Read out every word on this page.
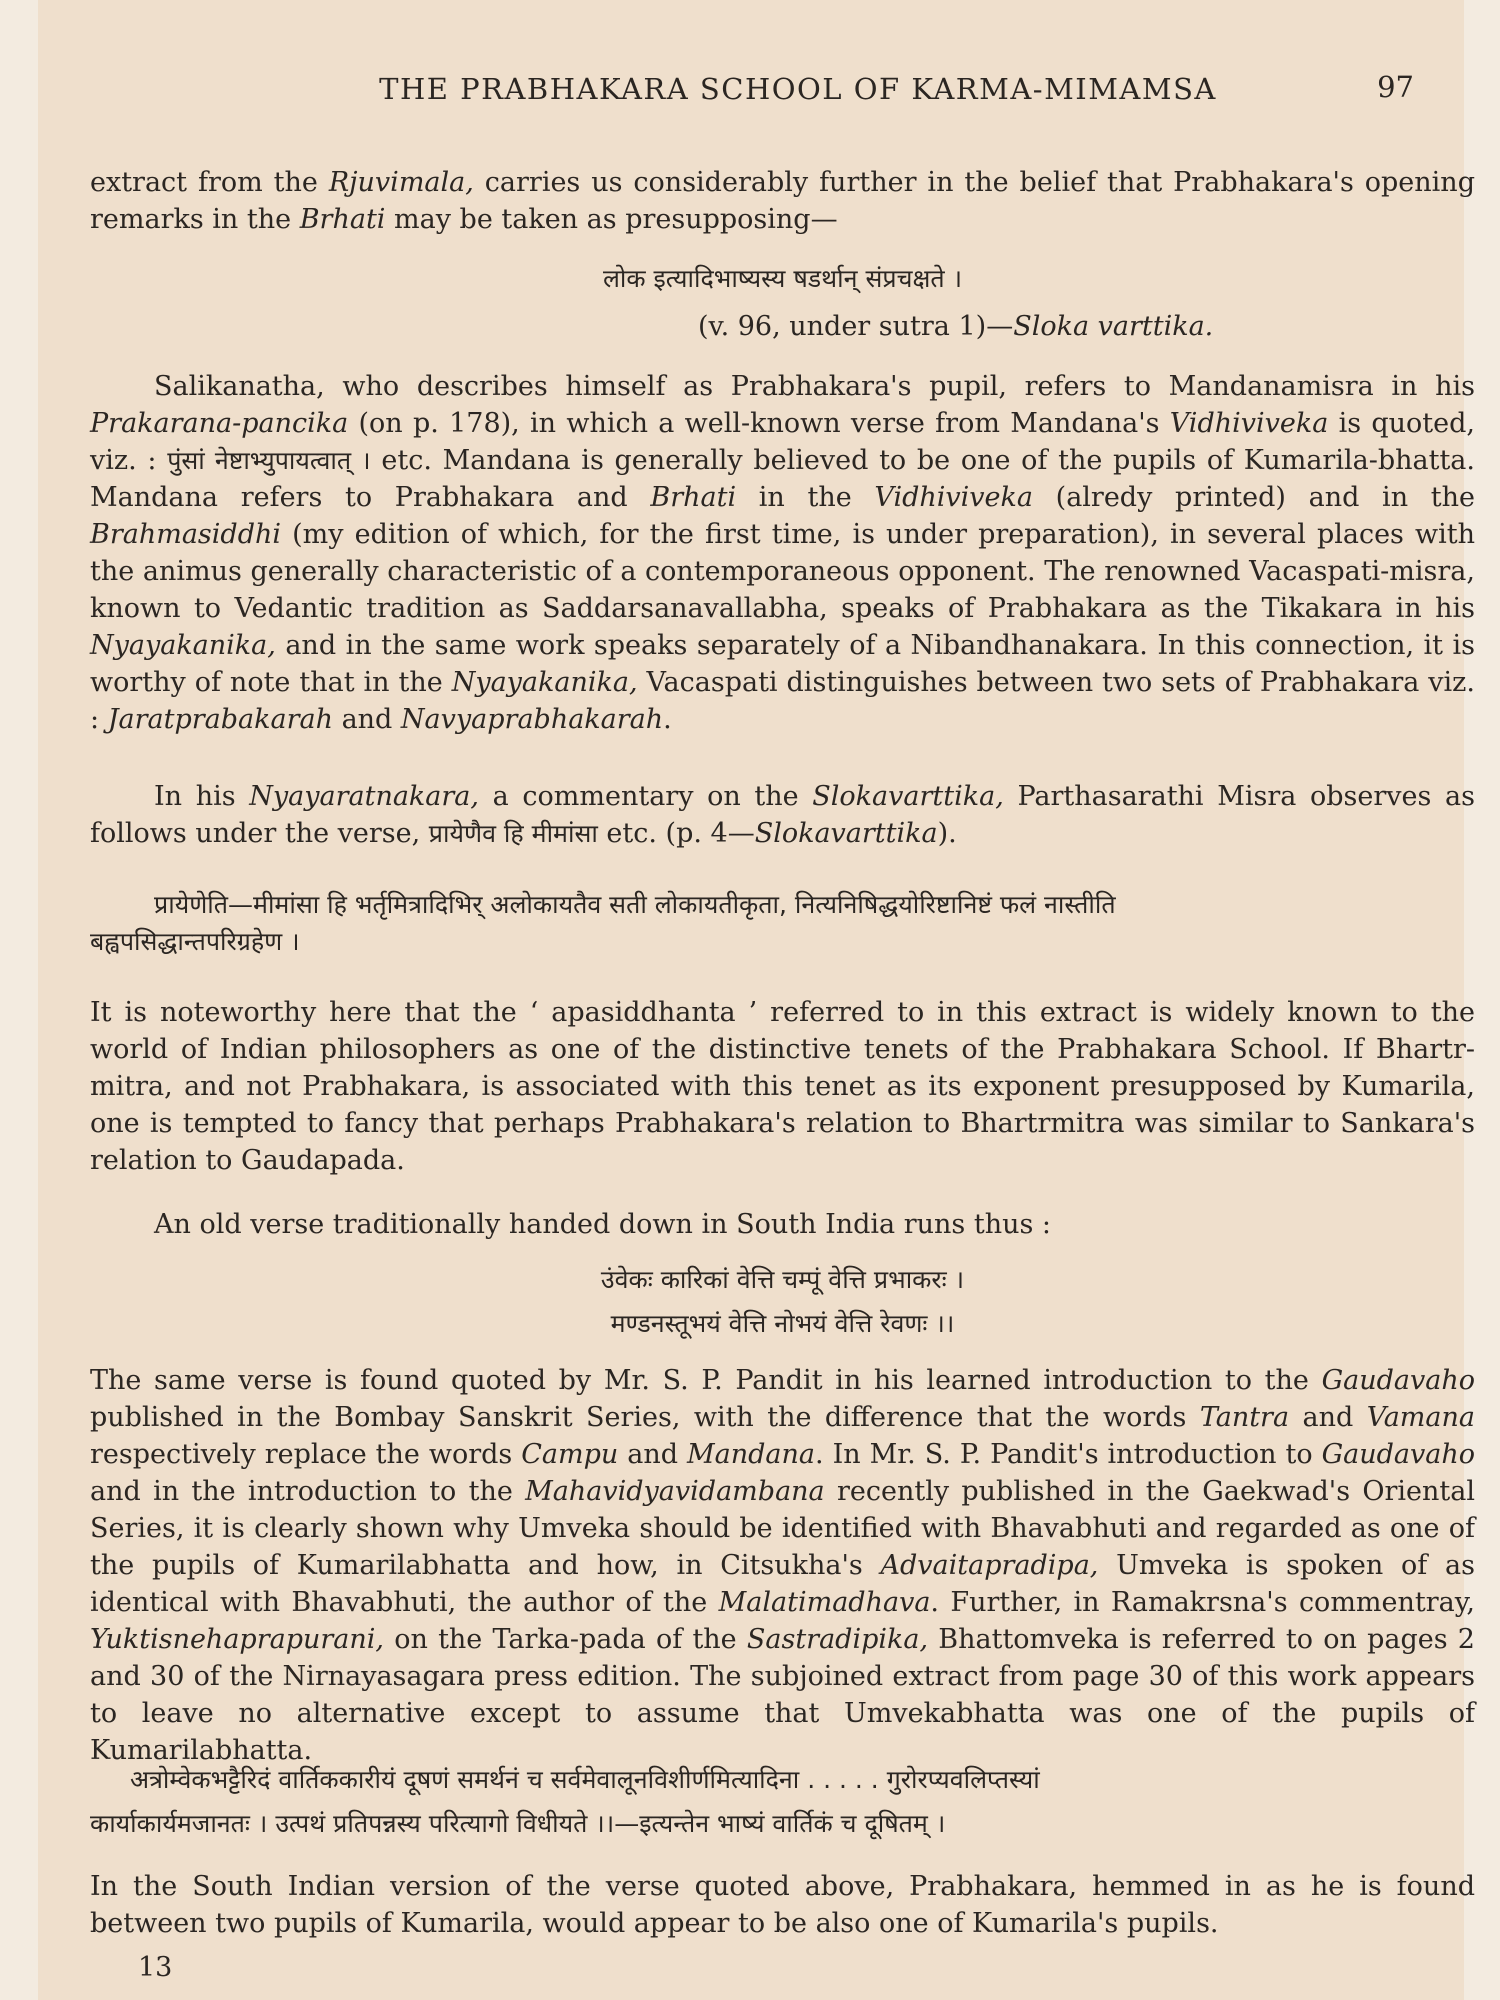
THE PRABHAKARA SCHOOL OF KARMA-MIMAMSA	97

extract from the Rjuvimala, carries us considerably further in the belief that Prabhakara's opening remarks in the Brhati may be taken as presupposing—

लोक इत्यादिभाष्यस्य षडर्थान् संप्रचक्षते ।

(v. 96, under sutra 1)—Sloka varttika.

Salikanatha, who describes himself as Prabhakara's pupil, refers to Mandanamisra in his Prakarana-pancika (on p. 178), in which a well-known verse from Mandana's Vidhiviveka is quoted, viz. : पुंसां नेष्टाभ्युपायत्वात् । etc. Mandana is generally believed to be one of the pupils of Kumarila-bhatta. Mandana refers to Prabhakara and Brhati in the Vidhiviveka (alredy printed) and in the Brahmasiddhi (my edition of which, for the first time, is under preparation), in several places with the animus generally characteristic of a contemporaneous opponent. The renowned Vacaspati-misra, known to Vedantic tradition as Saddarsanavallabha, speaks of Prabhakara as the Tikakara in his Nyayakanika, and in the same work speaks separately of a Nibandhanakara. In this connection, it is worthy of note that in the Nyayakanika, Vacaspati distinguishes between two sets of Prabhakara viz. : Jaratprabakarah and Navyaprabhakarah.

In his Nyayaratnakara, a commentary on the Slokavarttika, Parthasarathi Misra observes as follows under the verse, प्रायेणैव हि मीमांसा etc. (p. 4—Slokavarttika).

प्रायेणेति—मीमांसा हि भर्तृमित्रादिभिर् अलोकायतैव सती लोकायतीकृता, नित्यनिषिद्धयोरिष्टानिष्टं फलं नास्तीति
बह्वपसिद्धान्तपरिग्रहेण ।

It is noteworthy here that the ‘ apasiddhanta ’ referred to in this extract is widely known to the world of Indian philosophers as one of the distinctive tenets of the Prabhakara School. If Bhartr-mitra, and not Prabhakara, is associated with this tenet as its exponent presupposed by Kumarila, one is tempted to fancy that perhaps Prabhakara's relation to Bhartrmitra was similar to Sankara's relation to Gaudapada.

An old verse traditionally handed down in South India runs thus :

उंवेकः कारिकां वेत्ति चम्पूं वेत्ति प्रभाकरः ।
मण्डनस्तूभयं वेत्ति नोभयं वेत्ति रेवणः ।।

The same verse is found quoted by Mr. S. P. Pandit in his learned introduction to the Gaudavaho published in the Bombay Sanskrit Series, with the difference that the words Tantra and Vamana respectively replace the words Campu and Mandana. In Mr. S. P. Pandit's introduction to Gaudavaho and in the introduction to the Mahavidyavidambana recently published in the Gaekwad's Oriental Series, it is clearly shown why Umveka should be identified with Bhavabhuti and regarded as one of the pupils of Kumarilabhatta and how, in Citsukha's Advaitapradipa, Umveka is spoken of as identical with Bhavabhuti, the author of the Malatimadhava. Further, in Ramakrsna's commentray, Yuktisnehaprapurani, on the Tarka-pada of the Sastradipika, Bhattomveka is referred to on pages 2 and 30 of the Nirnayasagara press edition. The subjoined extract from page 30 of this work appears to leave no alternative except to assume that Umvekabhatta was one of the pupils of Kumarilabhatta.

अत्रोम्वेकभट्टैरिदं वार्तिककारीयं दूषणं समर्थनं च सर्वमेवालूनविशीर्णमित्यादिना . . . . . गुरोरप्यवलिप्तस्यां
कार्याकार्यमजानतः । उत्पथं प्रतिपन्नस्य परित्यागो विधीयते ।।—इत्यन्तेन भाष्यं वार्तिकं च दूषितम् ।

In the South Indian version of the verse quoted above, Prabhakara, hemmed in as he is found between two pupils of Kumarila, would appear to be also one of Kumarila's pupils.

13
